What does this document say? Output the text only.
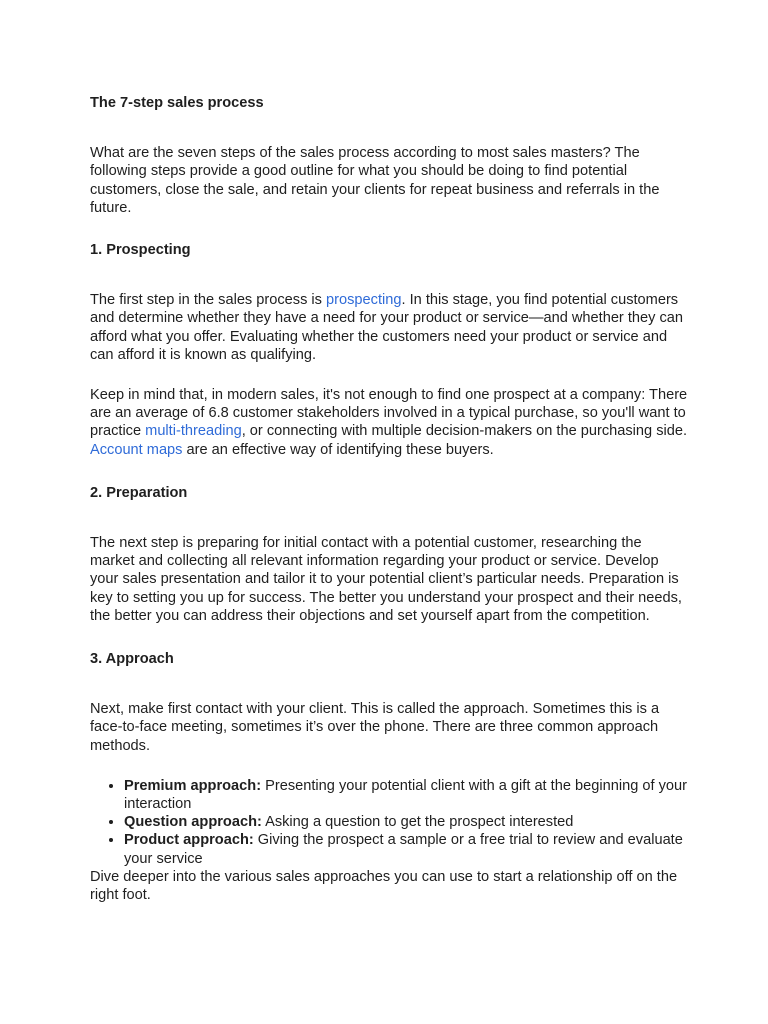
The 7-step sales process

What are the seven steps of the sales process according to most sales masters? The following steps provide a good outline for what you should be doing to find potential customers, close the sale, and retain your clients for repeat business and referrals in the future.

1. Prospecting

The first step in the sales process is prospecting. In this stage, you find potential customers and determine whether they have a need for your product or service—and whether they can afford what you offer. Evaluating whether the customers need your product or service and can afford it is known as qualifying.

Keep in mind that, in modern sales, it's not enough to find one prospect at a company: There are an average of 6.8 customer stakeholders involved in a typical purchase, so you'll want to practice multi-threading, or connecting with multiple decision-makers on the purchasing side. Account maps are an effective way of identifying these buyers.

2. Preparation

The next step is preparing for initial contact with a potential customer, researching the market and collecting all relevant information regarding your product or service. Develop your sales presentation and tailor it to your potential client’s particular needs. Preparation is key to setting you up for success. The better you understand your prospect and their needs, the better you can address their objections and set yourself apart from the competition.

3. Approach

Next, make first contact with your client. This is called the approach. Sometimes this is a face-to-face meeting, sometimes it’s over the phone. There are three common approach methods.

• Premium approach: Presenting your potential client with a gift at the beginning of your interaction
• Question approach: Asking a question to get the prospect interested
• Product approach: Giving the prospect a sample or a free trial to review and evaluate your service

Dive deeper into the various sales approaches you can use to start a relationship off on the right foot.
